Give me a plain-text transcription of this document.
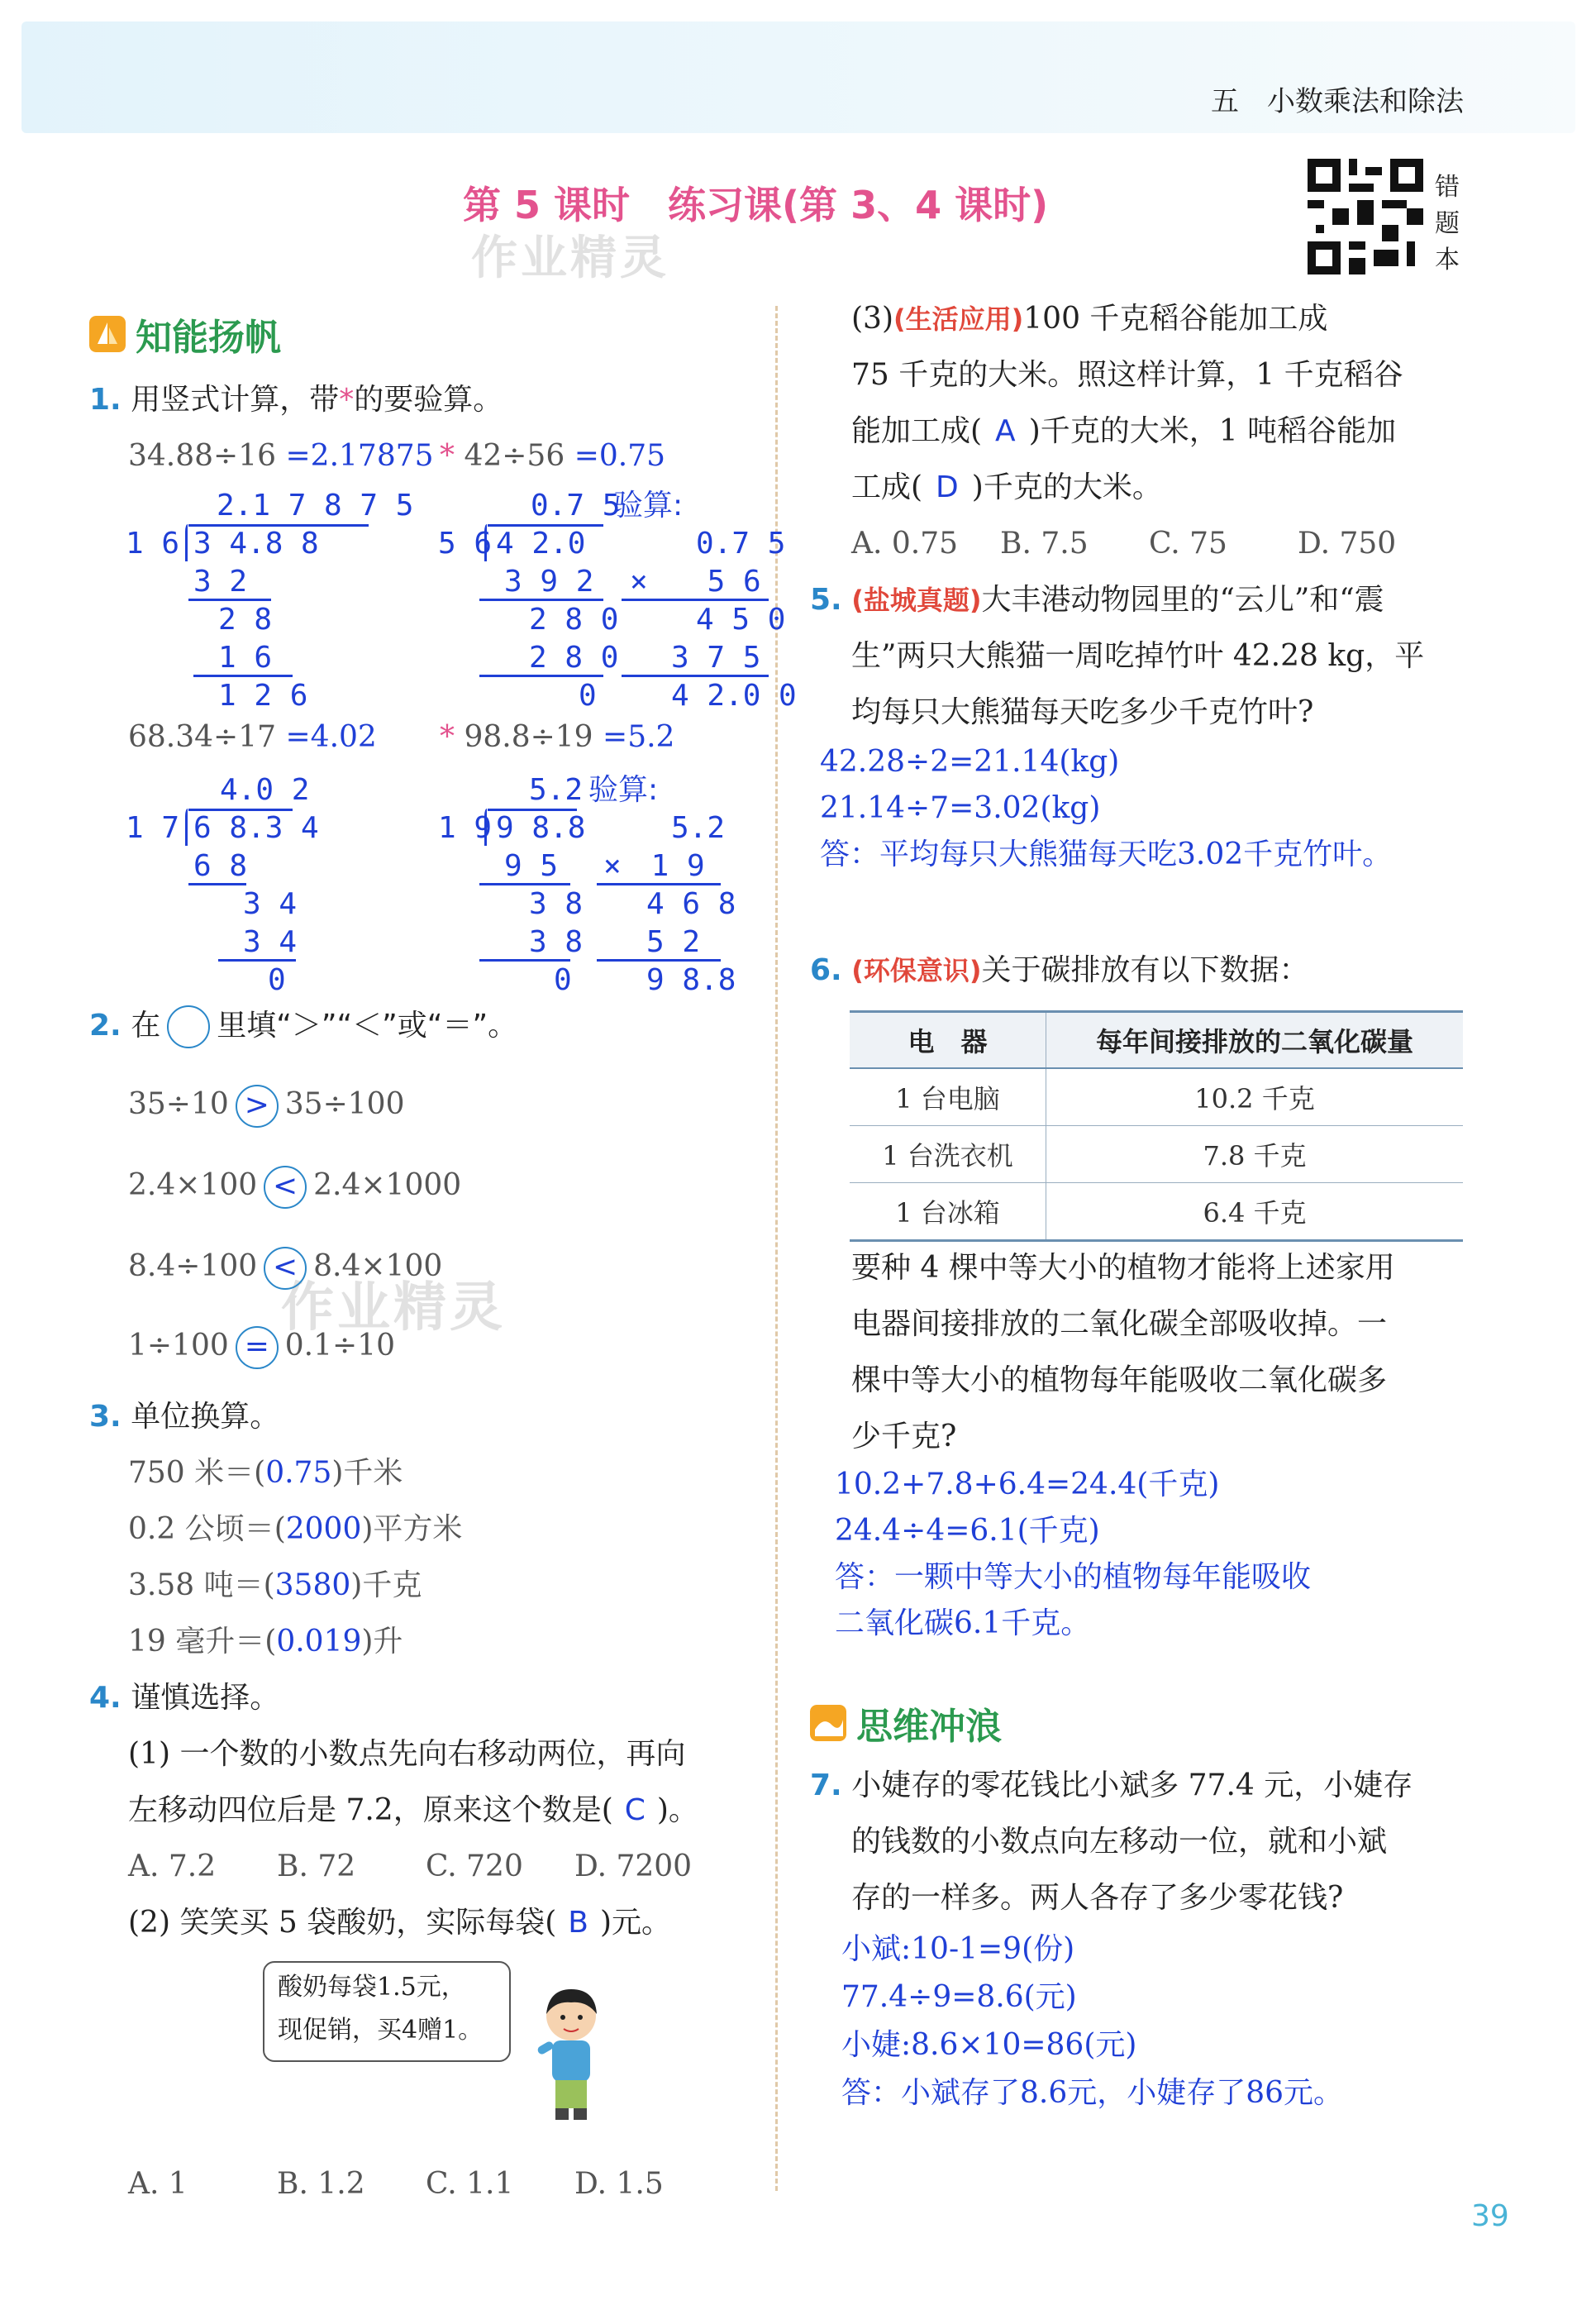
五　小数乘法和除法
第 5 课时　练习课(第 3、4 课时)	错题本
作业精灵
作业精灵
知能扬帆
思维冲浪
1. 用竖式计算，带*的要验算。
34.88÷16 =2.17875
2.1 7 8 7 5
1 6 3 4.8 8
3 2
2 8
1 6
1 2 6
* 42÷56 =0.75
0.7 5
验算:
5 6 4 2.0
3 9 2
2 8 0
2 8 0
0
0.7 5
×　　5 6
4 5 0
3 7 5
4 2.0 0
68.34÷17 =4.02
4.0 2
1 7 6 8.3 4
6 8
3 4
3 4
0
* 98.8÷19 =5.2
5.2 验算:
1 9 9 8.8
9 5
3 8
3 8
0
5.2
×　1 9
4 6 8
5 2
9 8.8
2. 在 里填“＞”“＜”或“＝”。
35÷10 > 35÷100
2.4×100 < 2.4×1000
8.4÷100 < 8.4×100
1÷100 = 0.1÷10
3. 单位换算。
750 米＝(0.75)千米
0.2 公顷＝(2000)平方米
3.58 吨＝(3580)千克
19 毫升＝(0.019)升
4. 谨慎选择。
(1) 一个数的小数点先向右移动两位，再向
左移动四位后是 7.2，原来这个数是( C )。
A. 7.2 B. 72 C. 720 D. 7200
(2) 笑笑买 5 袋酸奶，实际每袋( B )元。
酸奶每袋1.5元，
现促销，买4赠1。
A. 1	B. 1.2 C. 1.1 D. 1.5
(3)(生活应用)100 千克稻谷能加工成
75 千克的大米。照这样计算，1 千克稻谷
能加工成( A )千克的大米，1 吨稻谷能加
工成( D )千克的大米。
A. 0.75 B. 7.5 C. 75 D. 750
5. (盐城真题)大丰港动物园里的“云儿”和“震
生”两只大熊猫一周吃掉竹叶 42.28 kg，平
均每只大熊猫每天吃多少千克竹叶?
42.28÷2=21.14(kg)
21.14÷7=3.02(kg)
答：平均每只大熊猫每天吃3.02千克竹叶。
6. (环保意识)关于碳排放有以下数据：
电　器	每年间接排放的二氧化碳量
1 台电脑	10.2 千克
1 台洗衣机	7.8 千克
1 台冰箱	6.4 千克
要种 4 棵中等大小的植物才能将上述家用
电器间接排放的二氧化碳全部吸收掉。一
棵中等大小的植物每年能吸收二氧化碳多
少千克?
10.2+7.8+6.4=24.4(千克)
24.4÷4=6.1(千克)
答：一颗中等大小的植物每年能吸收
二氧化碳6.1千克。
7. 小婕存的零花钱比小斌多 77.4 元，小婕存
的钱数的小数点向左移动一位，就和小斌
存的一样多。两人各存了多少零花钱?
小斌:10-1=9(份)
77.4÷9=8.6(元)
小婕:8.6×10=86(元)
答：小斌存了8.6元，小婕存了86元。
39
